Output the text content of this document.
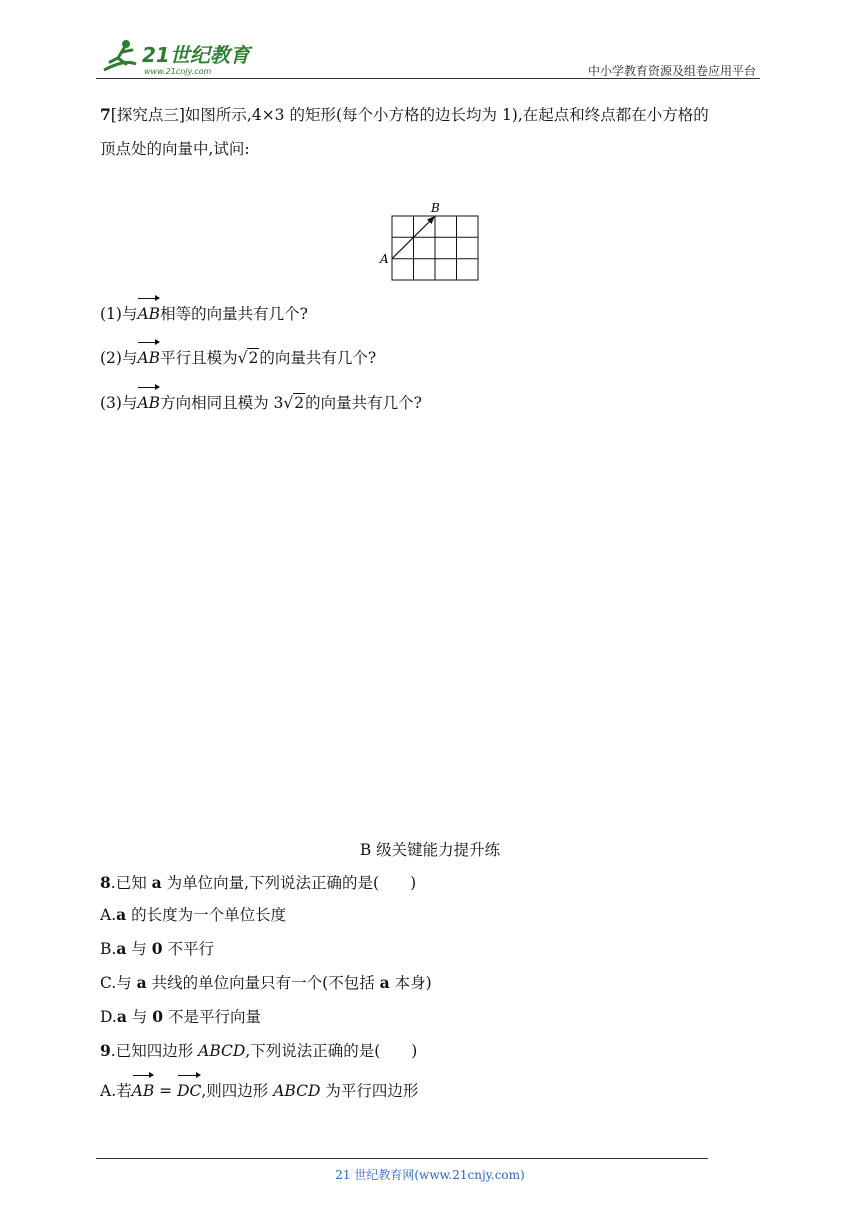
21世纪教育
www.21cnjy.com	中小学教育资源及组卷应用平台
7[探究点三]如图所示,4×3 的矩形(每个小方格的边长均为 1),在起点和终点都在小方格的
顶点处的向量中,试问:
A
B
(1)与AB相等的向量共有几个?
(2)与AB平行且模为√2的向量共有几个?
(3)与AB方向相同且模为 3√2的向量共有几个?
B 级关键能力提升练
8.已知 a 为单位向量,下列说法正确的是(　　)
A.a 的长度为一个单位长度
B.a 与 0 不平行
C.与 a 共线的单位向量只有一个(不包括 a 本身)
D.a 与 0 不是平行向量
9.已知四边形 ABCD,下列说法正确的是(　　)
A.若AB = DC,则四边形 ABCD 为平行四边形
21 世纪教育网(www.21cnjy.com)
